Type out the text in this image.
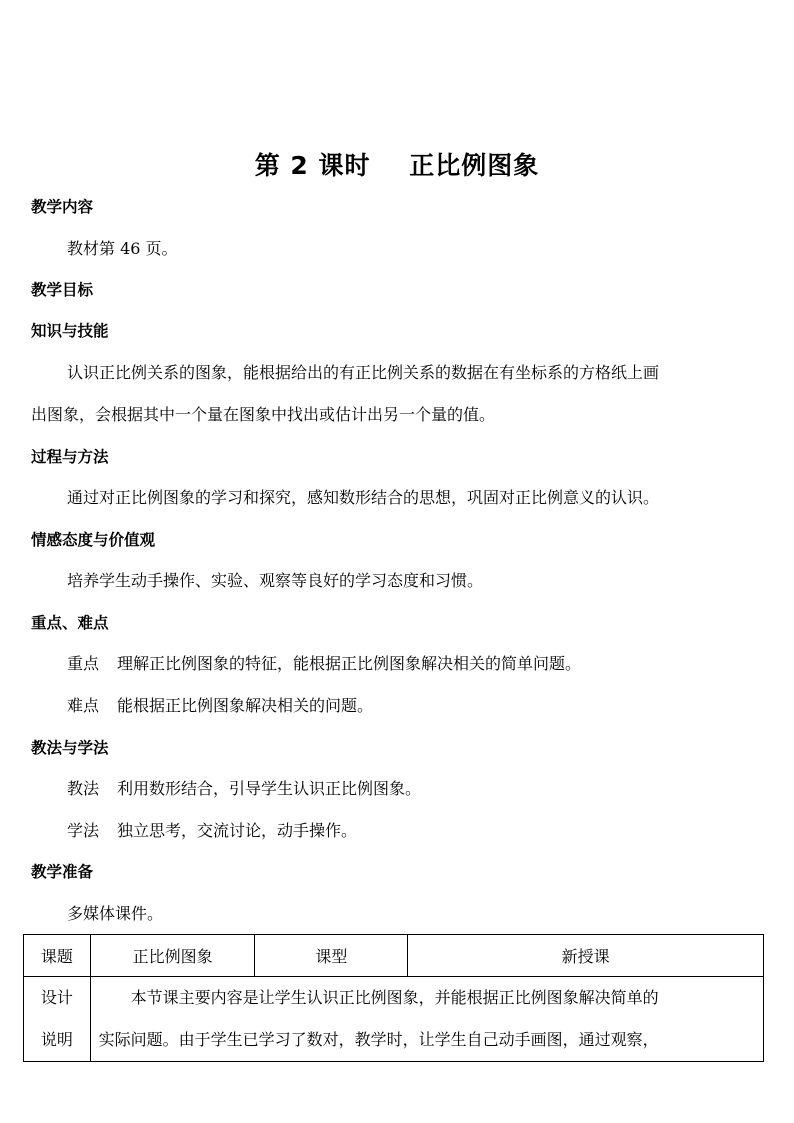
第 2 课时    正比例图象
教学内容
教材第 46 页。
教学目标
知识与技能
认识正比例关系的图象，能根据给出的有正比例关系的数据在有坐标系的方格纸上画
出图象，会根据其中一个量在图象中找出或估计出另一个量的值。
过程与方法
通过对正比例图象的学习和探究，感知数形结合的思想，巩固对正比例意义的认识。
情感态度与价值观
培养学生动手操作、实验、观察等良好的学习态度和习惯。
重点、难点
重点 理解正比例图象的特征，能根据正比例图象解决相关的简单问题。
难点 能根据正比例图象解决相关的问题。
教法与学法
教法 利用数形结合，引导学生认识正比例图象。
学法 独立思考，交流讨论，动手操作。
教学准备
多媒体课件。
课题	正比例图象	课型	新授课

设计
说明	本节课主要内容是让学生认识正比例图象，并能根据正比例图象解决简单的
实际问题。由于学生已学习了数对，教学时，让学生自己动手画图，通过观察，		
